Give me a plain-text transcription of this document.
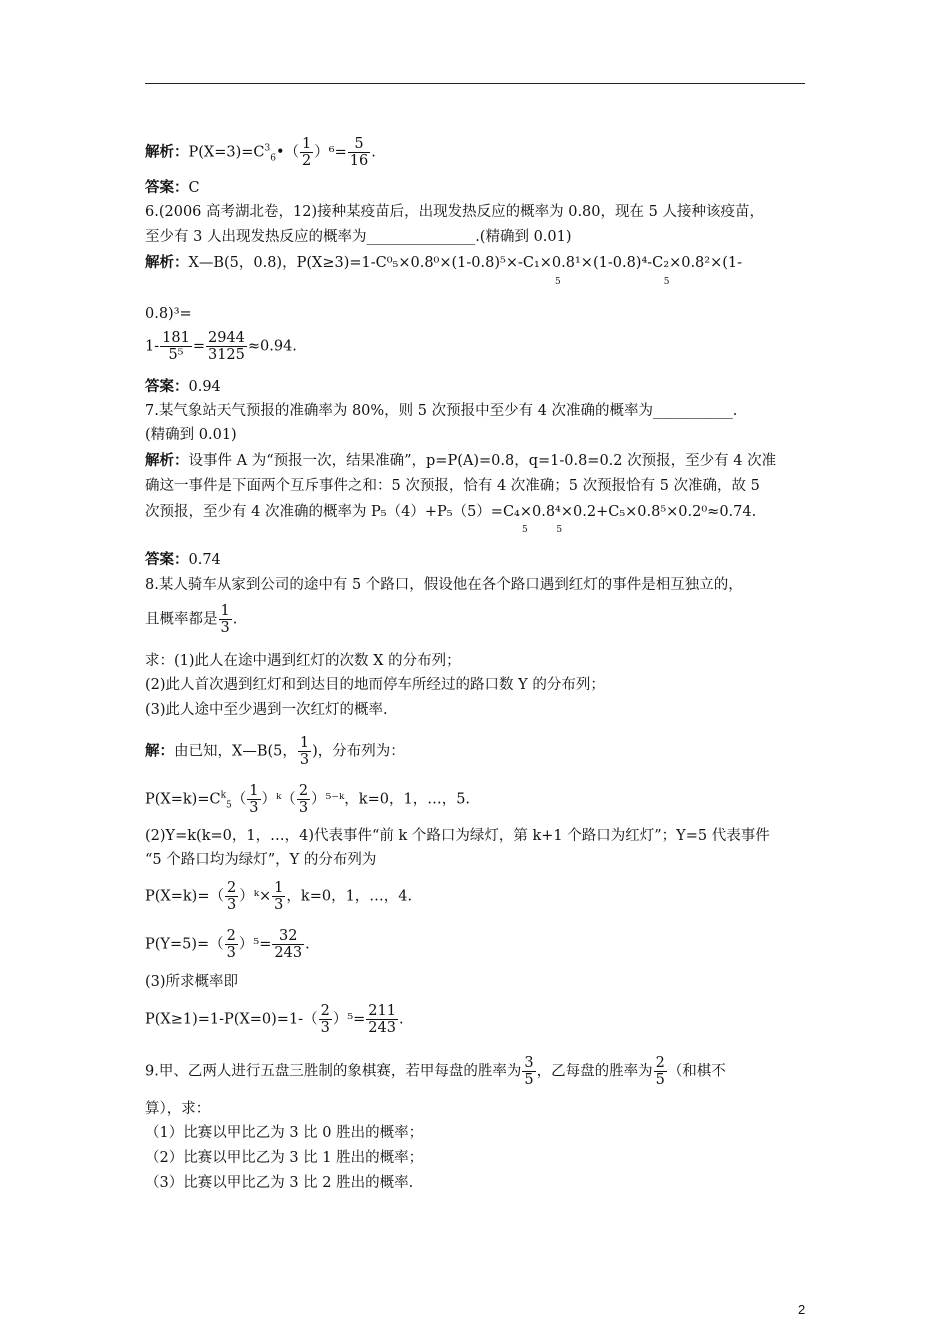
解析：$P(X=3)=C^3_6•( \frac{1}{2} )^6= \frac{5}{16}$ .
答案：C
6.(2006 高考湖北卷，12)接种某疫苗后，出现发热反应的概率为 0.80，现在 5 人接种该疫苗，
至少有 3 人出现发热反应的概率为_______________.(精确到 0.01)
解析：X—B(5，0.8)，P(X≥3)=1-C⁰₅×0.8⁰×(1-0.8)⁵×-C₁×0.8¹×(1-0.8)⁴-C₂×0.8²×(1-
5                                    5
0.8)³=
$1- \frac{181}{\text{5⁵}} = \frac{2944}{3125} \approx 0.94$.
答案：0.94
7.某气象站天气预报的准确率为 80%，则 5 次预报中至少有 4 次准确的概率为___________.
(精确到 0.01)
解析：设事件 A 为“预报一次，结果准确”，p=P(A)=0.8，q=1-0.8=0.2 次预报，至少有 4 次准
确这一事件是下面两个互斥事件之和：5 次预报，恰有 4 次准确；5 次预报恰有 5 次准确，故 5
次预报，至少有 4 次准确的概率为 P₅（4）+P₅（5）=C₄×0.8⁴×0.2+C₅×0.8⁵×0.2⁰≈0.74.
5          5
答案：0.74
8.某人骑车从家到公司的途中有 5 个路口，假设他在各个路口遇到红灯的事件是相互独立的，
且概率都是 $\frac{1}{3}$ .
求：(1)此人在途中遇到红灯的次数 X 的分布列；
(2)此人首次遇到红灯和到达目的地而停车所经过的路口数 Y 的分布列；
(3)此人途中至少遇到一次红灯的概率.
解：由已知，X—B(5， $\frac{1}{3}$ )，分布列为：
$P(X=k)=C^k_5( \frac{1}{3}$ ）ᵏ（ $\frac{2}{3}$ ）⁵⁻ᵏ，k=0，1，…，5.
(2)Y=k(k=0，1，…，4)代表事件“前 k 个路口为绿灯，第 k+1 个路口为红灯”；Y=5 代表事件
“5 个路口均为绿灯”，Y 的分布列为
$P(X=k)=( \frac{2}{3}$ ）ᵏ× $\frac{1}{3}$ ，k=0，1，…，4.
$P(Y=5)=( \frac{2}{3} )^5= \frac{32}{243}$ .
(3)所求概率即
$P(X\ge 1)=1-P(X=0)=1-( \frac{2}{3} )^5= \frac{211}{243}$ .
9.甲、乙两人进行五盘三胜制的象棋赛，若甲每盘的胜率为 $\frac{3}{5}$ ，乙每盘的胜率为 $\frac{2}{5}$ （和棋不
算），求：
（1）比赛以甲比乙为 3 比 0 胜出的概率；
（2）比赛以甲比乙为 3 比 1 胜出的概率；
（3）比赛以甲比乙为 3 比 2 胜出的概率.
2
